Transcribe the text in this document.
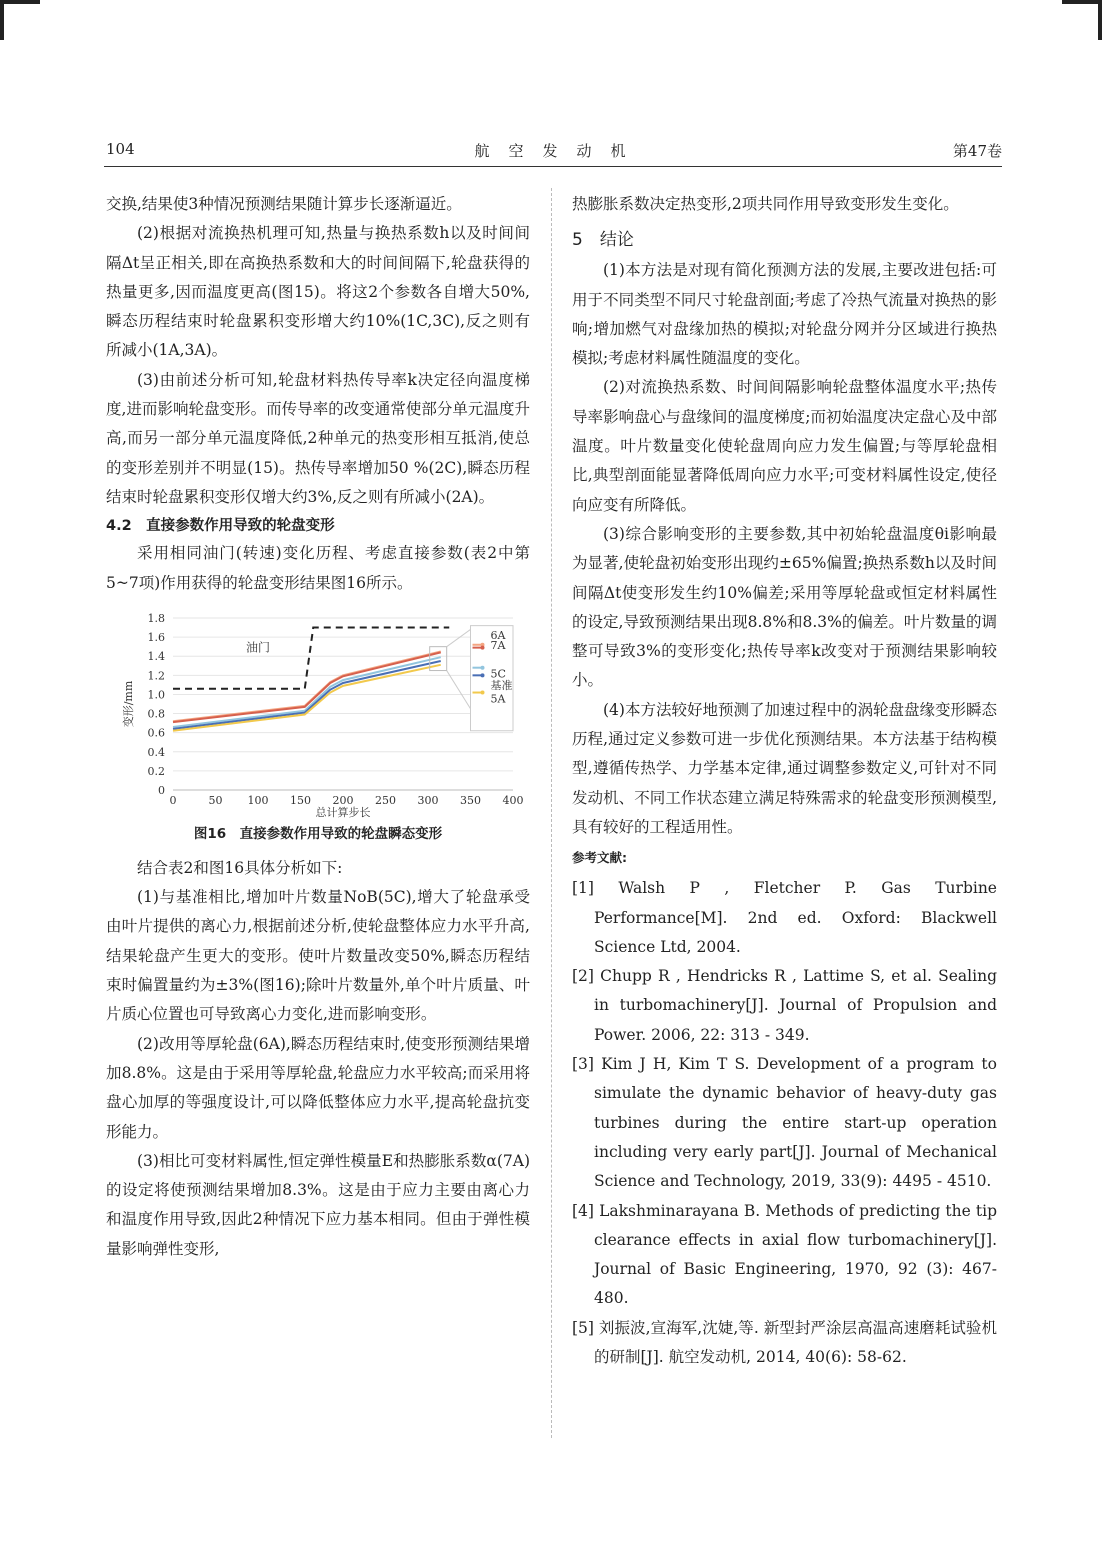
104	航　空　发　动　机	第47卷

交换,结果使3种情况预测结果随计算步长逐渐逼近。

(2)根据对流换热机理可知,热量与换热系数h以及时间间隔Δt呈正相关,即在高换热系数和大的时间间隔下,轮盘获得的热量更多,因而温度更高(图15)。将这2个参数各自增大50%,瞬态历程结束时轮盘累积变形增大约10%(1C,3C),反之则有所减小(1A,3A)。

(3)由前述分析可知,轮盘材料热传导率k决定径向温度梯度,进而影响轮盘变形。而传导率的改变通常使部分单元温度升高,而另一部分单元温度降低,2种单元的热变形相互抵消,使总的变形差别并不明显(15)。热传导率增加50 %(2C),瞬态历程结束时轮盘累积变形仅增大约3%,反之则有所减小(2A)。

4.2　直接参数作用导致的轮盘变形

采用相同油门(转速)变化历程、考虑直接参数(表2中第5~7项)作用获得的轮盘变形结果图16所示。

0.2
0.4
0.6
0.8
1.0
1.2
1.4
1.6
1.8
0
0	50 100 150 200 250 300 350 400
总计算步长
变形/mm
油门
6A
7A
5C
基准
5A
图16　直接参数作用导致的轮盘瞬态变形

结合表2和图16具体分析如下:

(1)与基准相比,增加叶片数量NoB(5C),增大了轮盘承受由叶片提供的离心力,根据前述分析,使轮盘整体应力水平升高,结果轮盘产生更大的变形。使叶片数量改变50%,瞬态历程结束时偏置量约为±3%(图16);除叶片数量外,单个叶片质量、叶片质心位置也可导致离心力变化,进而影响变形。

(2)改用等厚轮盘(6A),瞬态历程结束时,使变形预测结果增加8.8%。这是由于采用等厚轮盘,轮盘应力水平较高;而采用将盘心加厚的等强度设计,可以降低整体应力水平,提高轮盘抗变形能力。

(3)相比可变材料属性,恒定弹性模量E和热膨胀系数α(7A)的设定将使预测结果增加8.3%。这是由于应力主要由离心力和温度作用导致,因此2种情况下应力基本相同。但由于弹性模量影响弹性变形,

热膨胀系数决定热变形,2项共同作用导致变形发生变化。

5　结论

(1)本方法是对现有简化预测方法的发展,主要改进包括:可用于不同类型不同尺寸轮盘剖面;考虑了冷热气流量对换热的影响;增加燃气对盘缘加热的模拟;对轮盘分网并分区域进行换热模拟;考虑材料属性随温度的变化。

(2)对流换热系数、时间间隔影响轮盘整体温度水平;热传导率影响盘心与盘缘间的温度梯度;而初始温度决定盘心及中部温度。叶片数量变化使轮盘周向应力发生偏置;与等厚轮盘相比,典型剖面能显著降低周向应力水平;可变材料属性设定,使径向应变有所降低。

(3)综合影响变形的主要参数,其中初始轮盘温度θi影响最为显著,使轮盘初始变形出现约±65%偏置;换热系数h以及时间间隔Δt使变形发生约10%偏差;采用等厚轮盘或恒定材料属性的设定,导致预测结果出现8.8%和8.3%的偏差。叶片数量的调整可导致3%的变形变化;热传导率k改变对于预测结果影响较小。

(4)本方法较好地预测了加速过程中的涡轮盘盘缘变形瞬态历程,通过定义参数可进一步优化预测结果。本方法基于结构模型,遵循传热学、力学基本定律,通过调整参数定义,可针对不同发动机、不同工作状态建立满足特殊需求的轮盘变形预测模型,具有较好的工程适用性。

参考文献:

[1] Walsh P , Fletcher P. Gas Turbine Performance[M]. 2nd ed. Oxford: Blackwell Science Ltd, 2004.

[2] Chupp R , Hendricks R , Lattime S, et al. Sealing in turbomachinery[J]. Journal of Propulsion and Power. 2006, 22: 313 - 349.

[3] Kim J H, Kim T S. Development of a program to simulate the dynamic behavior of heavy-duty gas turbines during the entire start-up operation including very early part[J]. Journal of Mechanical Science and Technology, 2019, 33(9): 4495 - 4510.

[4] Lakshminarayana B. Methods of predicting the tip clearance effects in axial flow turbomachinery[J]. Journal of Basic Engineering, 1970, 92 (3): 467-480.

[5] 刘振波,宣海军,沈婕,等. 新型封严涂层高温高速磨耗试验机的研制[J]. 航空发动机, 2014, 40(6): 58-62.
